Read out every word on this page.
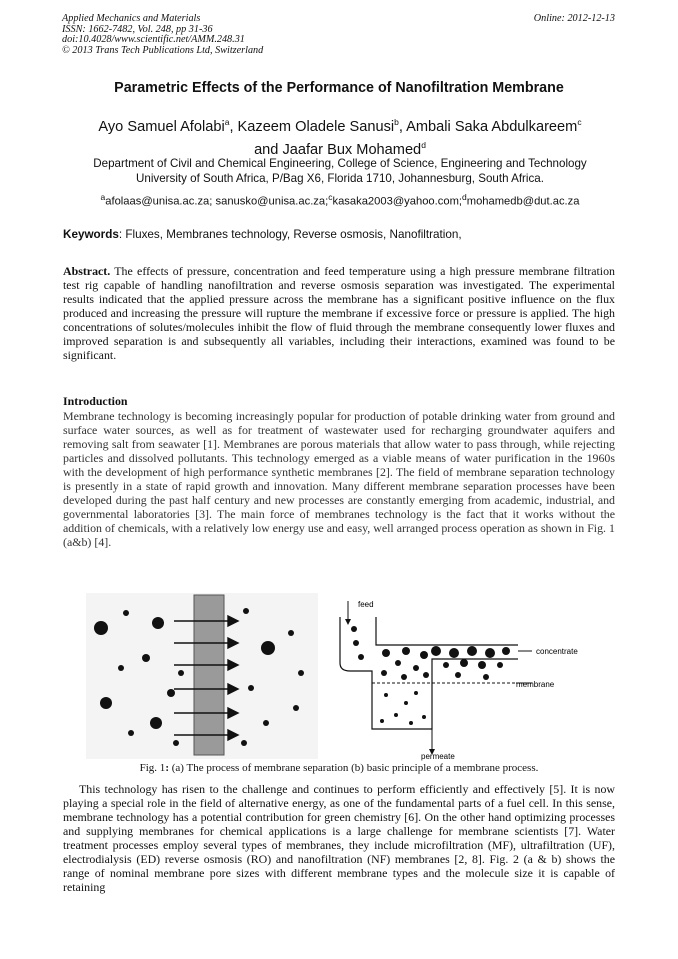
Applied Mechanics and Materials
ISSN: 1662-7482, Vol. 248, pp 31-36
doi:10.4028/www.scientific.net/AMM.248.31
© 2013 Trans Tech Publications Ltd, Switzerland
Online: 2012-12-13
Parametric Effects of the Performance of Nanofiltration Membrane
Ayo Samuel Afolabi$^a$, Kazeem Oladele Sanusi$^b$, Ambali Saka Abdulkareem$^c$
and Jaafar Bux Mohamed$^d$
Department of Civil and Chemical Engineering, College of Science, Engineering and Technology
University of South Africa, P/Bag X6, Florida 1710, Johannesburg, South Africa.
$^a$afolaas@unisa.ac.za; sanusko@unisa.ac.za;$^c$kasaka2003@yahoo.com;$^d$mohamedb@dut.ac.za
Keywords: Fluxes, Membranes technology, Reverse osmosis, Nanofiltration,
Abstract. The effects of pressure, concentration and feed temperature using a high pressure membrane filtration test rig capable of handling nanofiltration and reverse osmosis separation was investigated. The experimental results indicated that the applied pressure across the membrane has a significant positive influence on the flux produced and increasing the pressure will rupture the membrane if excessive force or pressure is applied. The high concentrations of solutes/molecules inhibit the flow of fluid through the membrane consequently lower fluxes and improved separation is and subsequently all variables, including their interactions, examined was found to be significant.
Introduction
Membrane technology is becoming increasingly popular for production of potable drinking water from ground and surface water sources, as well as for treatment of wastewater used for recharging groundwater aquifers and removing salt from seawater [1]. Membranes are porous materials that allow water to pass through, while rejecting particles and dissolved pollutants. This technology emerged as a viable means of water purification in the 1960s with the development of high performance synthetic membranes [2]. The field of membrane separation technology is presently in a state of rapid growth and innovation. Many different membrane separation processes have been developed during the past half century and new processes are constantly emerging from academic, industrial, and governmental laboratories [3]. The main force of membranes technology is the fact that it works without the addition of chemicals, with a relatively low energy use and easy, well arranged process operation as shown in Fig. 1 (a&b) [4].
feed
concentrate
membrane
permeate
Fig. 1: (a) The process of membrane separation (b) basic principle of a membrane process.
This technology has risen to the challenge and continues to perform efficiently and effectively [5]. It is now playing a special role in the field of alternative energy, as one of the fundamental parts of a fuel cell. In this sense, membrane technology has a potential contribution for green chemistry [6]. On the other hand optimizing processes and supplying membranes for chemical applications is a large challenge for membrane scientists [7]. Water treatment processes employ several types of membranes, they include microfiltration (MF), ultrafiltration (UF), electrodialysis (ED) reverse osmosis (RO) and nanofiltration (NF) membranes [2, 8]. Fig. 2 (a & b) shows the range of nominal membrane pore sizes with different membrane types and the molecule size it is capable of retaining
